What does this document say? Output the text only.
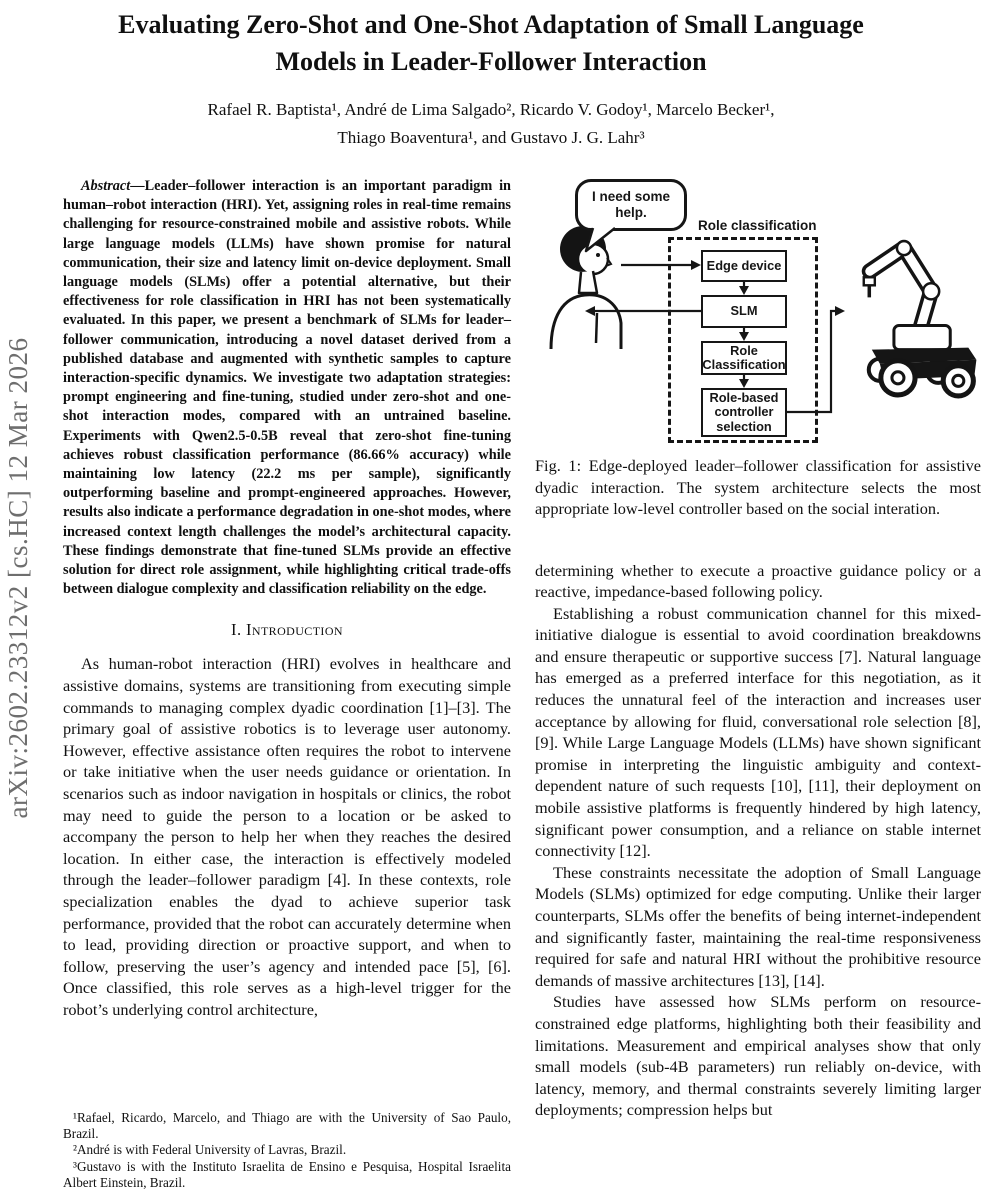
arXiv:2602.23312v2 [cs.HC] 12 Mar 2026
Evaluating Zero-Shot and One-Shot Adaptation of Small Language
Models in Leader-Follower Interaction
Rafael R. Baptista¹, André de Lima Salgado², Ricardo V. Godoy¹, Marcelo Becker¹,
Thiago Boaventura¹, and Gustavo J. G. Lahr³

Abstract—Leader–follower interaction is an important paradigm in human–robot interaction (HRI). Yet, assigning roles in real-time remains challenging for resource-constrained mobile and assistive robots. While large language models (LLMs) have shown promise for natural communication, their size and latency limit on-device deployment. Small language models (SLMs) offer a potential alternative, but their effectiveness for role classification in HRI has not been systematically evaluated. In this paper, we present a benchmark of SLMs for leader–follower communication, introducing a novel dataset derived from a published database and augmented with synthetic samples to capture interaction-specific dynamics. We investigate two adaptation strategies: prompt engineering and fine-tuning, studied under zero-shot and one-shot interaction modes, compared with an untrained baseline. Experiments with Qwen2.5-0.5B reveal that zero-shot fine-tuning achieves robust classification performance (86.66% accuracy) while maintaining low latency (22.2 ms per sample), significantly outperforming baseline and prompt-engineered approaches. However, results also indicate a performance degradation in one-shot modes, where increased context length challenges the model’s architectural capacity. These findings demonstrate that fine-tuned SLMs provide an effective solution for direct role assignment, while highlighting critical trade-offs between dialogue complexity and classification reliability on the edge.

I. Introduction

As human-robot interaction (HRI) evolves in healthcare and assistive domains, systems are transitioning from executing simple commands to managing complex dyadic coordination [1]–[3]. The primary goal of assistive robotics is to leverage user autonomy. However, effective assistance often requires the robot to intervene or take initiative when the user needs guidance or orientation. In scenarios such as indoor navigation in hospitals or clinics, the robot may need to guide the person to a location or be asked to accompany the person to help her when they reaches the desired location. In either case, the interaction is effectively modeled through the leader–follower paradigm [4]. In these contexts, role specialization enables the dyad to achieve superior task performance, provided that the robot can accurately determine when to lead, providing direction or proactive support, and when to follow, preserving the user’s agency and intended pace [5], [6]. Once classified, this role serves as a high-level trigger for the robot’s underlying control architecture,

¹Rafael, Ricardo, Marcelo, and Thiago are with the University of Sao Paulo, Brazil.

²André is with Federal University of Lavras, Brazil.

³Gustavo is with the Instituto Israelita de Ensino e Pesquisa, Hospital Israelita Albert Einstein, Brazil.

I need some help.
Role classification
Edge device
SLM
Role Classification
Role-based controller selection

Fig. 1: Edge-deployed leader–follower classification for assistive dyadic interaction. The system architecture selects the most appropriate low-level controller based on the social interation.

determining whether to execute a proactive guidance policy or a reactive, impedance-based following policy.

Establishing a robust communication channel for this mixed-initiative dialogue is essential to avoid coordination breakdowns and ensure therapeutic or supportive success [7]. Natural language has emerged as a preferred interface for this negotiation, as it reduces the unnatural feel of the interaction and increases user acceptance by allowing for fluid, conversational role selection [8], [9]. While Large Language Models (LLMs) have shown significant promise in interpreting the linguistic ambiguity and context-dependent nature of such requests [10], [11], their deployment on mobile assistive platforms is frequently hindered by high latency, significant power consumption, and a reliance on stable internet connectivity [12].

These constraints necessitate the adoption of Small Language Models (SLMs) optimized for edge computing. Unlike their larger counterparts, SLMs offer the benefits of being internet-independent and significantly faster, maintaining the real-time responsiveness required for safe and natural HRI without the prohibitive resource demands of massive architectures [13], [14].

Studies have assessed how SLMs perform on resource-constrained edge platforms, highlighting both their feasibility and limitations. Measurement and empirical analyses show that only small models (sub-4B parameters) run reliably on-device, with latency, memory, and thermal constraints severely limiting larger deployments; compression helps but
